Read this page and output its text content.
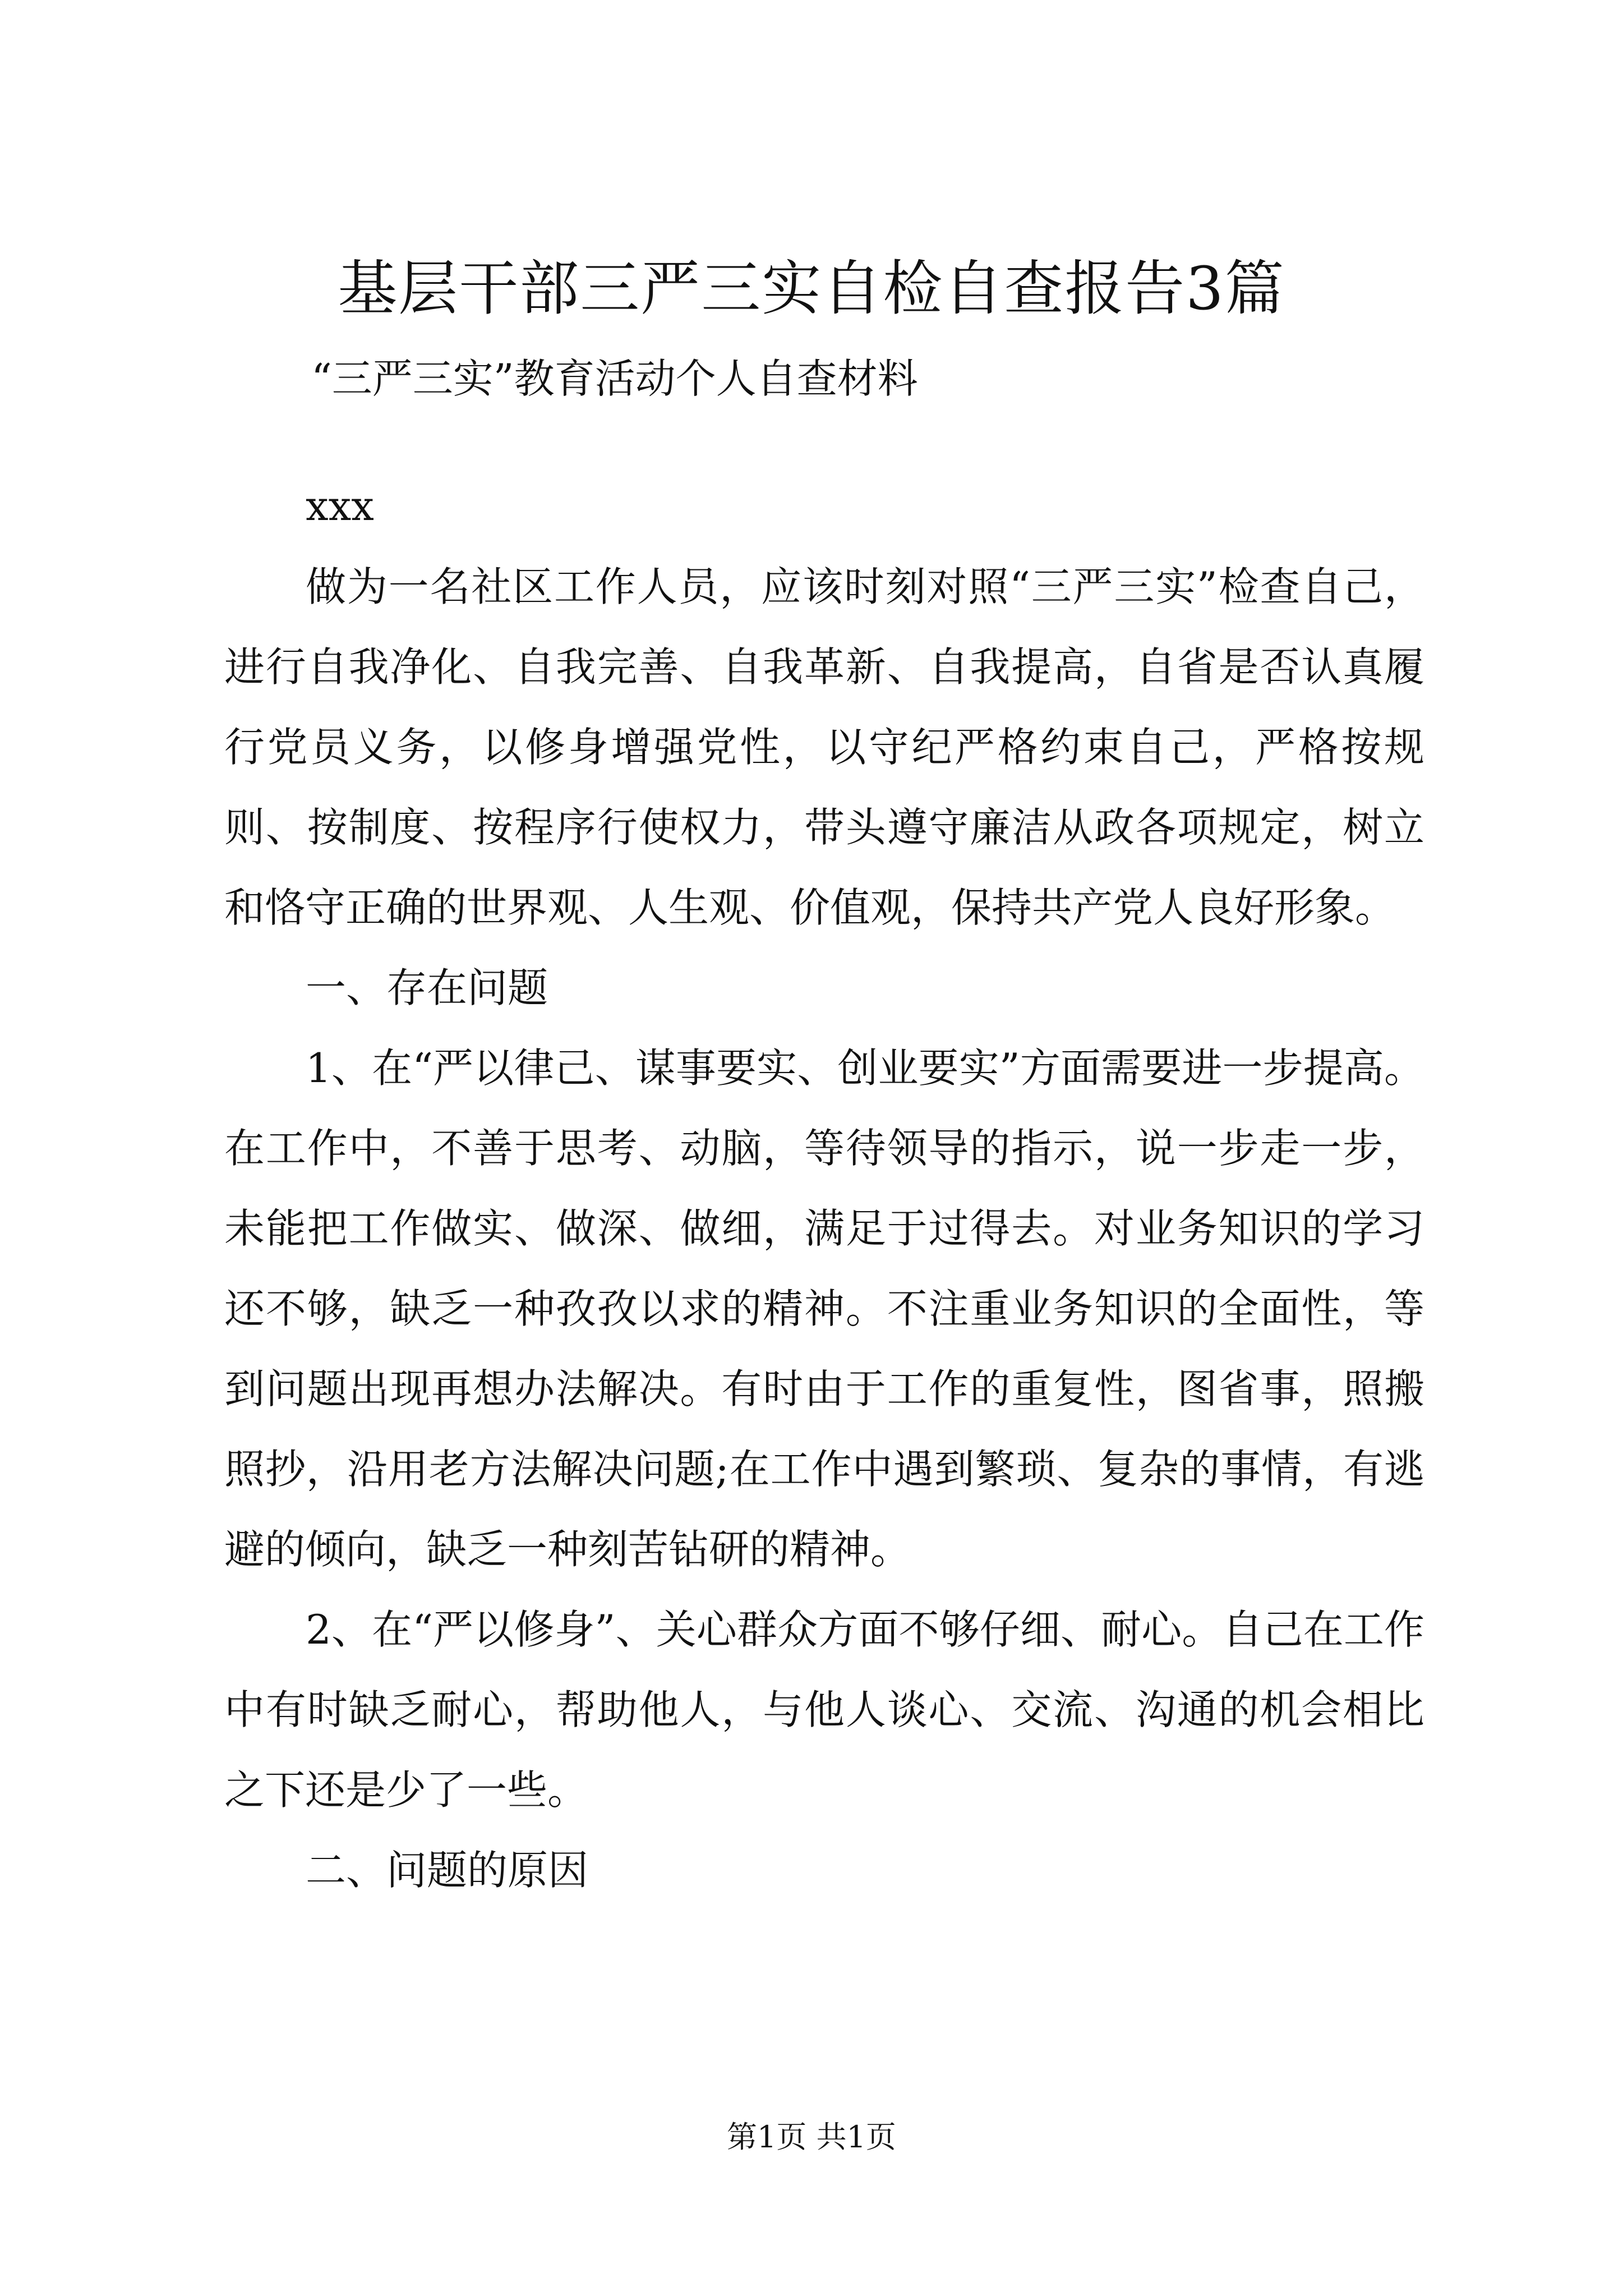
基层干部三严三实自检自查报告3篇
“三严三实”教育活动个人自查材料
xxx

做为一名社区工作人员，应该时刻对照“三严三实”检查自己，进行自我净化、自我完善、自我革新、自我提高，自省是否认真履行党员义务，以修身增强党性，以守纪严格约束自己，严格按规则、按制度、按程序行使权力，带头遵守廉洁从政各项规定，树立和恪守正确的世界观、人生观、价值观，保持共产党人良好形象。

一、存在问题

1、在“严以律己、谋事要实、创业要实”方面需要进一步提高。在工作中，不善于思考、动脑，等待领导的指示，说一步走一步，未能把工作做实、做深、做细，满足于过得去。对业务知识的学习还不够，缺乏一种孜孜以求的精神。不注重业务知识的全面性，等到问题出现再想办法解决。有时由于工作的重复性，图省事，照搬照抄，沿用老方法解决问题;在工作中遇到繁琐、复杂的事情，有逃避的倾向，缺乏一种刻苦钻研的精神。

2、在“严以修身”、关心群众方面不够仔细、耐心。自己在工作中有时缺乏耐心，帮助他人，与他人谈心、交流、沟通的机会相比之下还是少了一些。

二、问题的原因

第1页 共1页
